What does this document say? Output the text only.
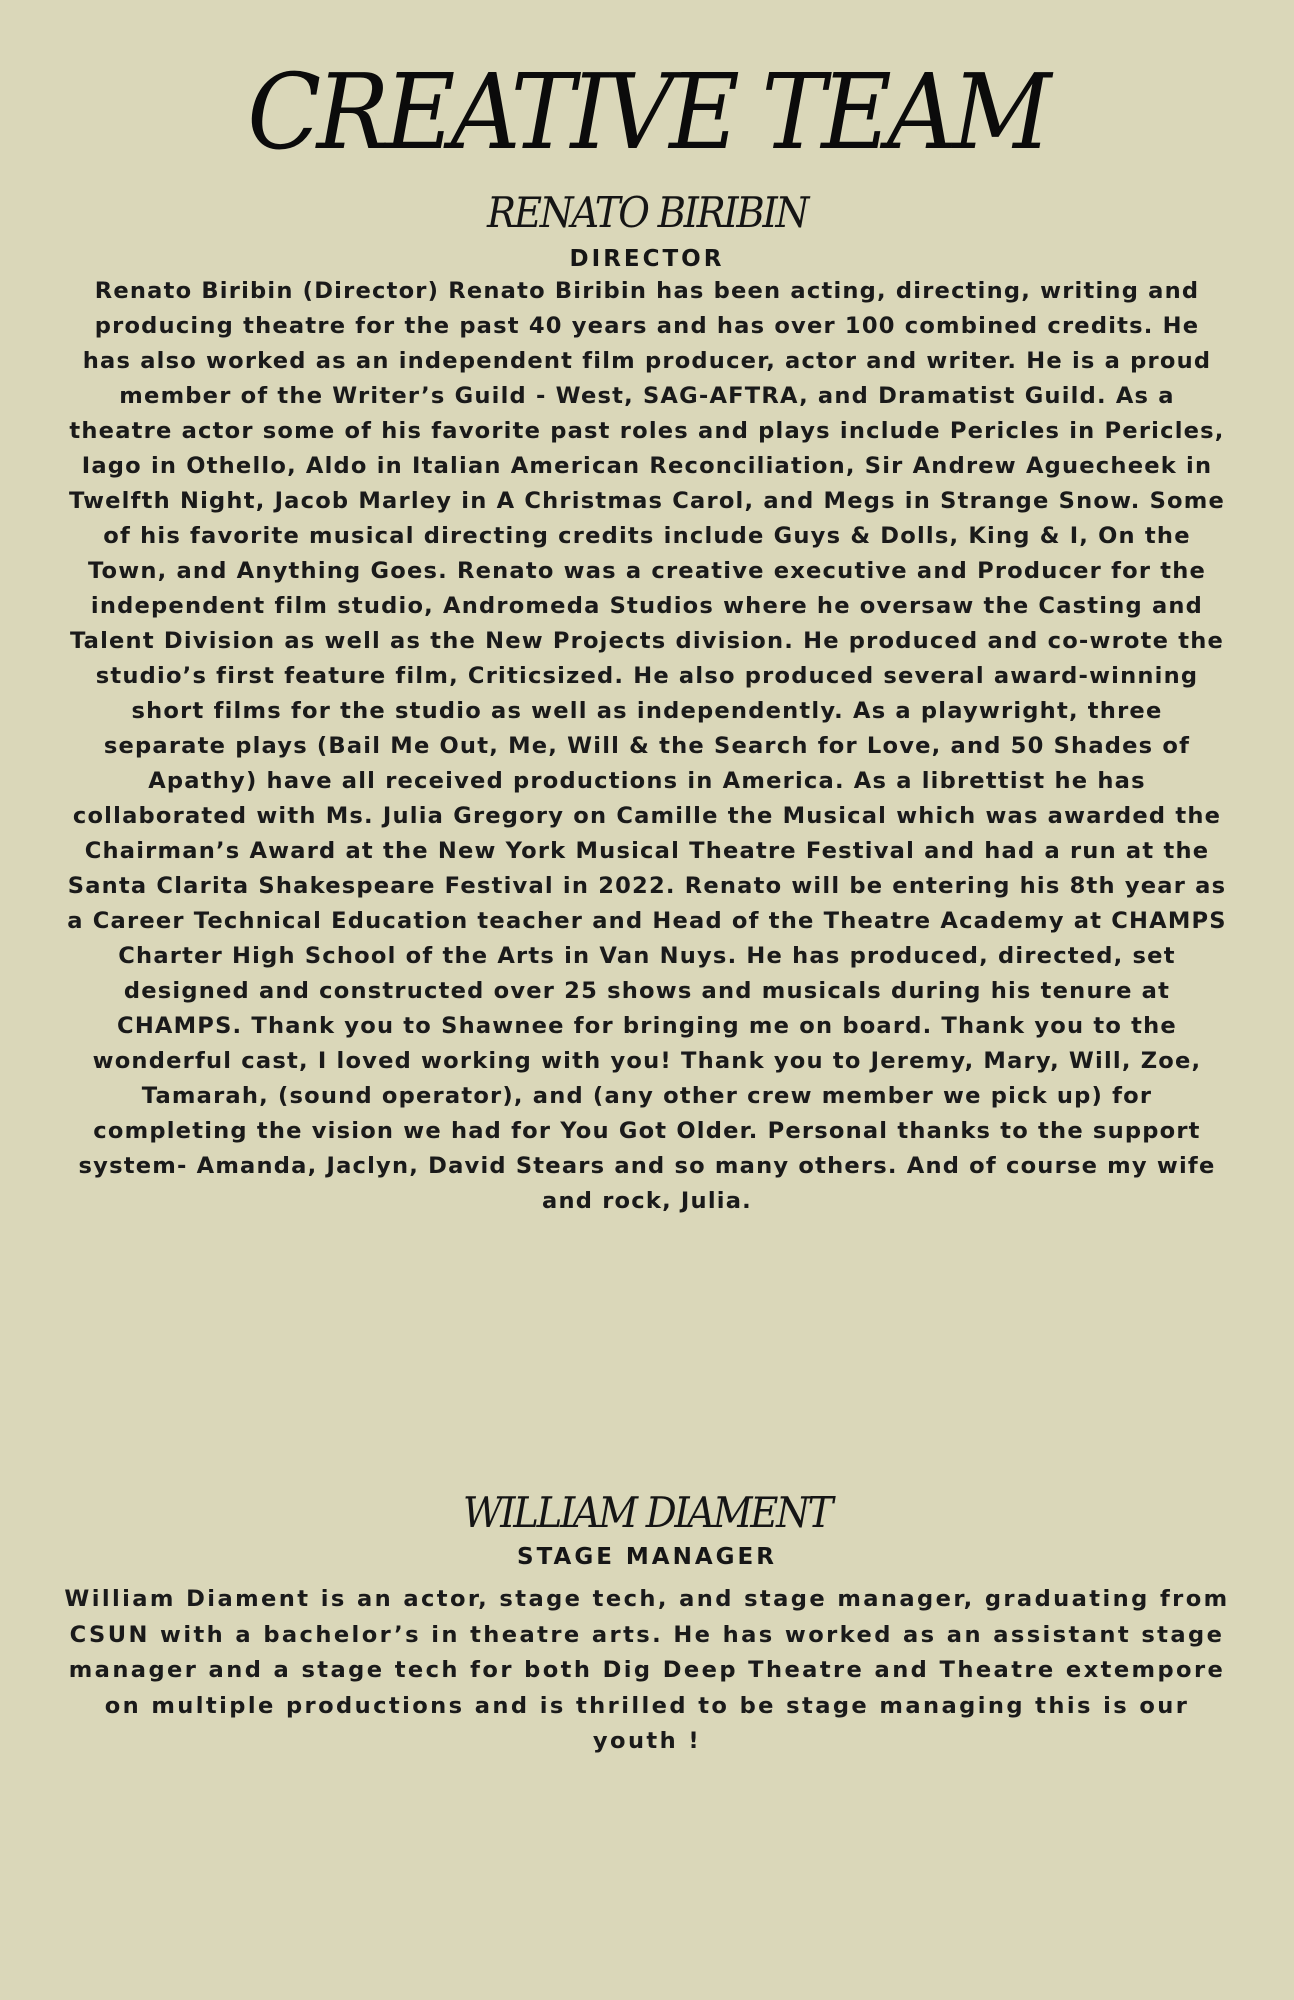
CREATIVE TEAM
RENATO BIRIBIN
DIRECTOR

Renato Biribin (Director) Renato Biribin has been acting, directing, writing and producing theatre for the past 40 years and has over 100 combined credits. He has also worked as an independent film producer, actor and writer. He is a proud member of the Writer’s Guild - West, SAG-AFTRA, and Dramatist Guild. As a theatre actor some of his favorite past roles and plays include Pericles in Pericles, Iago in Othello, Aldo in Italian American Reconciliation, Sir Andrew Aguecheek in Twelfth Night, Jacob Marley in A Christmas Carol, and Megs in Strange Snow. Some of his favorite musical directing credits include Guys & Dolls, King & I, On the Town, and Anything Goes. Renato was a creative executive and Producer for the independent film studio, Andromeda Studios where he oversaw the Casting and Talent Division as well as the New Projects division. He produced and co-wrote the studio’s first feature film, Criticsized. He also produced several award-winning short films for the studio as well as independently. As a playwright, three separate plays (Bail Me Out, Me, Will & the Search for Love, and 50 Shades of Apathy) have all received productions in America. As a librettist he has collaborated with Ms. Julia Gregory on Camille the Musical which was awarded the Chairman’s Award at the New York Musical Theatre Festival and had a run at the Santa Clarita Shakespeare Festival in 2022. Renato will be entering his 8th year as a Career Technical Education teacher and Head of the Theatre Academy at CHAMPS Charter High School of the Arts in Van Nuys. He has produced, directed, set designed and constructed over 25 shows and musicals during his tenure at CHAMPS. Thank you to Shawnee for bringing me on board. Thank you to the wonderful cast, I loved working with you! Thank you to Jeremy, Mary, Will, Zoe, Tamarah, (sound operator), and (any other crew member we pick up) for completing the vision we had for You Got Older. Personal thanks to the support system- Amanda, Jaclyn, David Stears and so many others. And of course my wife and rock, Julia.

WILLIAM DIAMENT
STAGE MANAGER

William Diament is an actor, stage tech, and stage manager, graduating from CSUN with a bachelor’s in theatre arts. He has worked as an assistant stage manager and a stage tech for both Dig Deep Theatre and Theatre extempore on multiple productions and is thrilled to be stage managing this is our youth !
